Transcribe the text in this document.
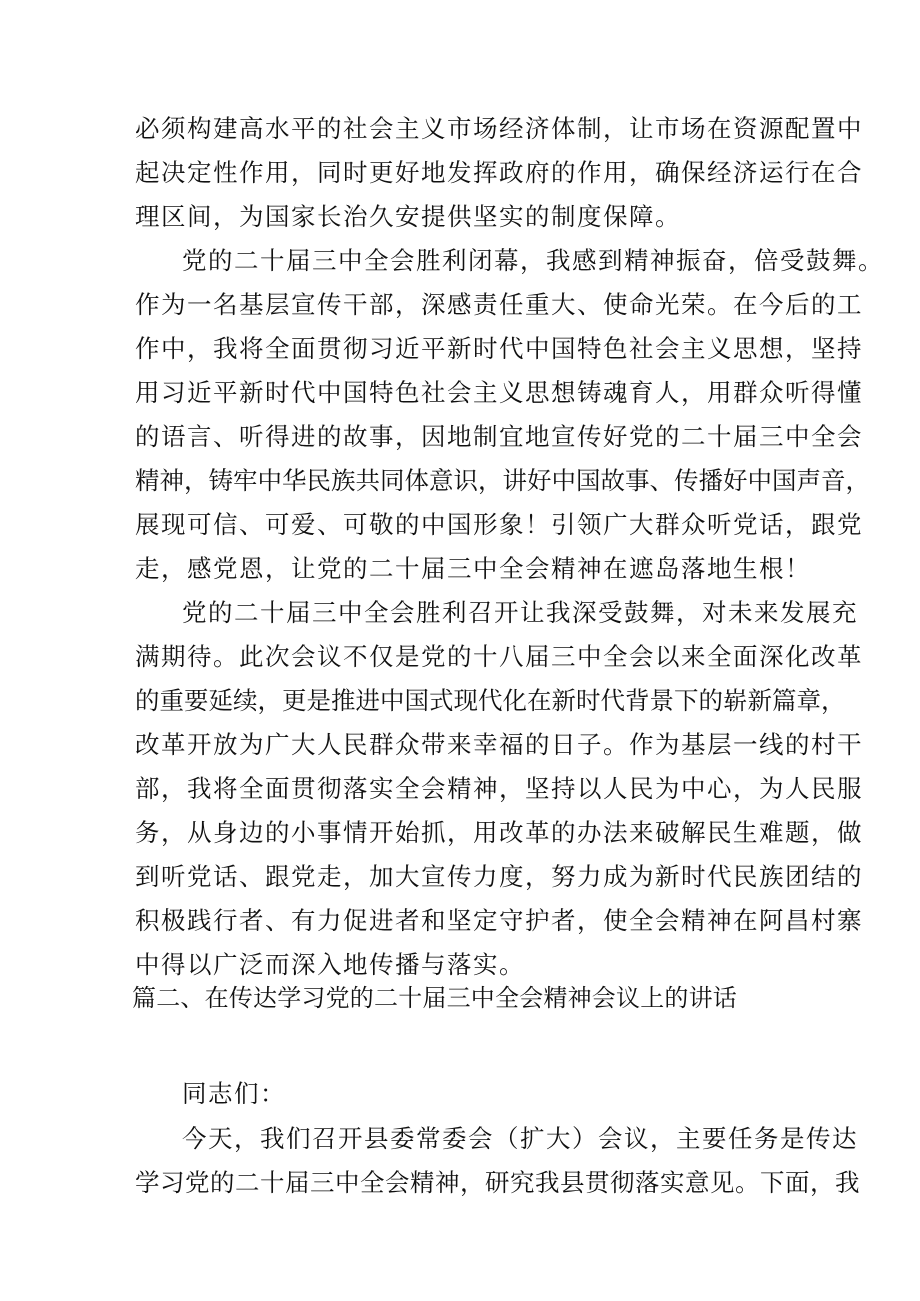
必须构建高水平的社会主义市场经济体制，让市场在资源配置中
起决定性作用，同时更好地发挥政府的作用，确保经济运行在合
理区间，为国家长治久安提供坚实的制度保障。
党的二十届三中全会胜利闭幕，我感到精神振奋，倍受鼓舞。
作为一名基层宣传干部，深感责任重大、使命光荣。在今后的工
作中，我将全面贯彻习近平新时代中国特色社会主义思想，坚持
用习近平新时代中国特色社会主义思想铸魂育人，用群众听得懂
的语言、听得进的故事，因地制宜地宣传好党的二十届三中全会
精神，铸牢中华民族共同体意识，讲好中国故事、传播好中国声音，
展现可信、可爱、可敬的中国形象！引领广大群众听党话，跟党
走，感党恩，让党的二十届三中全会精神在遮岛落地生根！
党的二十届三中全会胜利召开让我深受鼓舞，对未来发展充
满期待。此次会议不仅是党的十八届三中全会以来全面深化改革
的重要延续，更是推进中国式现代化在新时代背景下的崭新篇章，
改革开放为广大人民群众带来幸福的日子。作为基层一线的村干
部，我将全面贯彻落实全会精神，坚持以人民为中心，为人民服
务，从身边的小事情开始抓，用改革的办法来破解民生难题，做
到听党话、跟党走，加大宣传力度，努力成为新时代民族团结的
积极践行者、有力促进者和坚定守护者，使全会精神在阿昌村寨
中得以广泛而深入地传播与落实。
篇二、在传达学习党的二十届三中全会精神会议上的讲话
同志们：
今天，我们召开县委常委会（扩大）会议，主要任务是传达
学习党的二十届三中全会精神，研究我县贯彻落实意见。下面，我
